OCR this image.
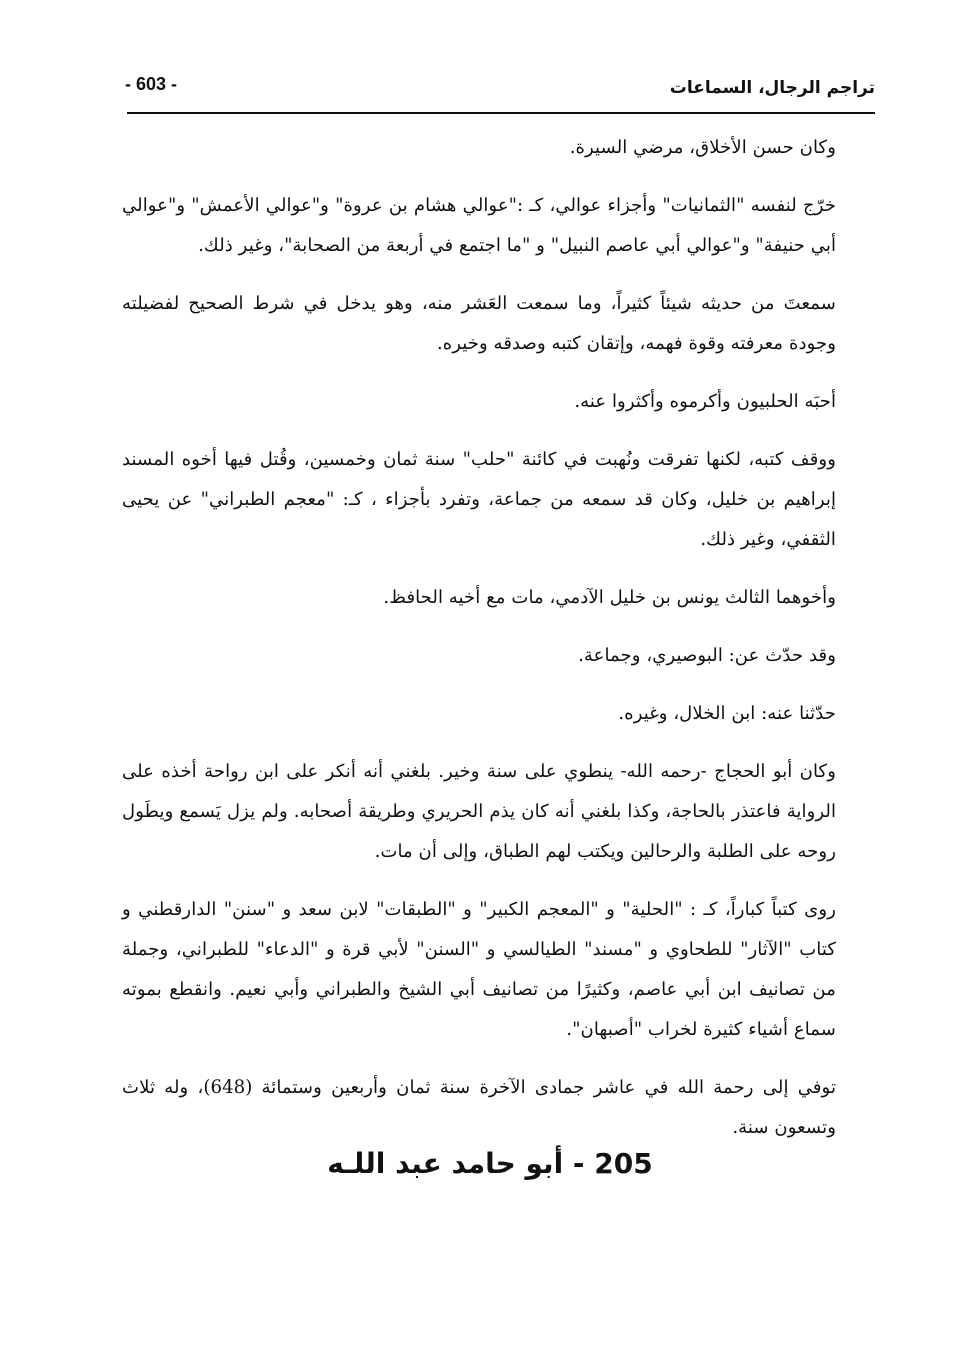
تراجم الرجال، السماعات
- 603 -

وكان حسن الأخلاق، مرضي السيرة.

خرّج لنفسه "الثمانيات" وأجزاء عوالي، كـ :"عوالي هشام بن عروة" و"عوالي الأعمش" و"عوالي أبي حنيفة" و"عوالي أبي عاصم النبيل" و "ما اجتمع في أربعة من الصحابة"، وغير ذلك.

سمعتَ من حديثه شيئاً كثيراً، وما سمعت العَشر منه، وهو يدخل في شرط الصحيح لفضيلته وجودة معرفته وقوة فهمه، وإتقان كتبه وصدقه وخيره.

أحبَه الحلبيون وأكرموه وأكثروا عنه.

ووقف كتبه، لكنها تفرقت ونُهبت في كائنة "حلب" سنة ثمان وخمسين، وقُتل فيها أخوه المسند إبراهيم بن خليل، وكان قد سمعه من جماعة، وتفرد بأجزاء ، كـ: "معجم الطبراني" عن يحيى الثقفي، وغير ذلك.

وأخوهما الثالث يونس بن خليل الآدمي، مات مع أخيه الحافظ.

وقد حدّث عن: البوصيري، وجماعة.

حدّثنا عنه: ابن الخلال، وغيره.

وكان أبو الحجاج -رحمه الله- ينطوي على سنة وخير. بلغني أنه أنكر على ابن رواحة أخذه على الرواية فاعتذر بالحاجة، وكذا بلغني أنه كان يذم الحريري وطريقة أصحابه. ولم يزل يَسمع ويطَول روحه على الطلبة والرحالين ويكتب لهم الطباق، وإلى أن مات.

روى كتباً كباراً، كـ : "الحلية" و "المعجم الكبير" و "الطبقات" لابن سعد و "سنن" الدارقطني و كتاب "الآثار" للطحاوي و "مسند" الطيالسي و "السنن" لأبي قرة و "الدعاء" للطبراني، وجملة من تصانيف ابن أبي عاصم، وكثيرًا من تصانيف أبي الشيخ والطبراني وأبي نعيم. وانقطع بموته سماع أشياء كثيرة لخراب "أصبهان".

توفي إلى رحمة الله في عاشر جمادى الآخرة سنة ثمان وأربعين وستمائة (648)، وله ثلاث وتسعون سنة.

205 - أبو حامد عبد اللـه
